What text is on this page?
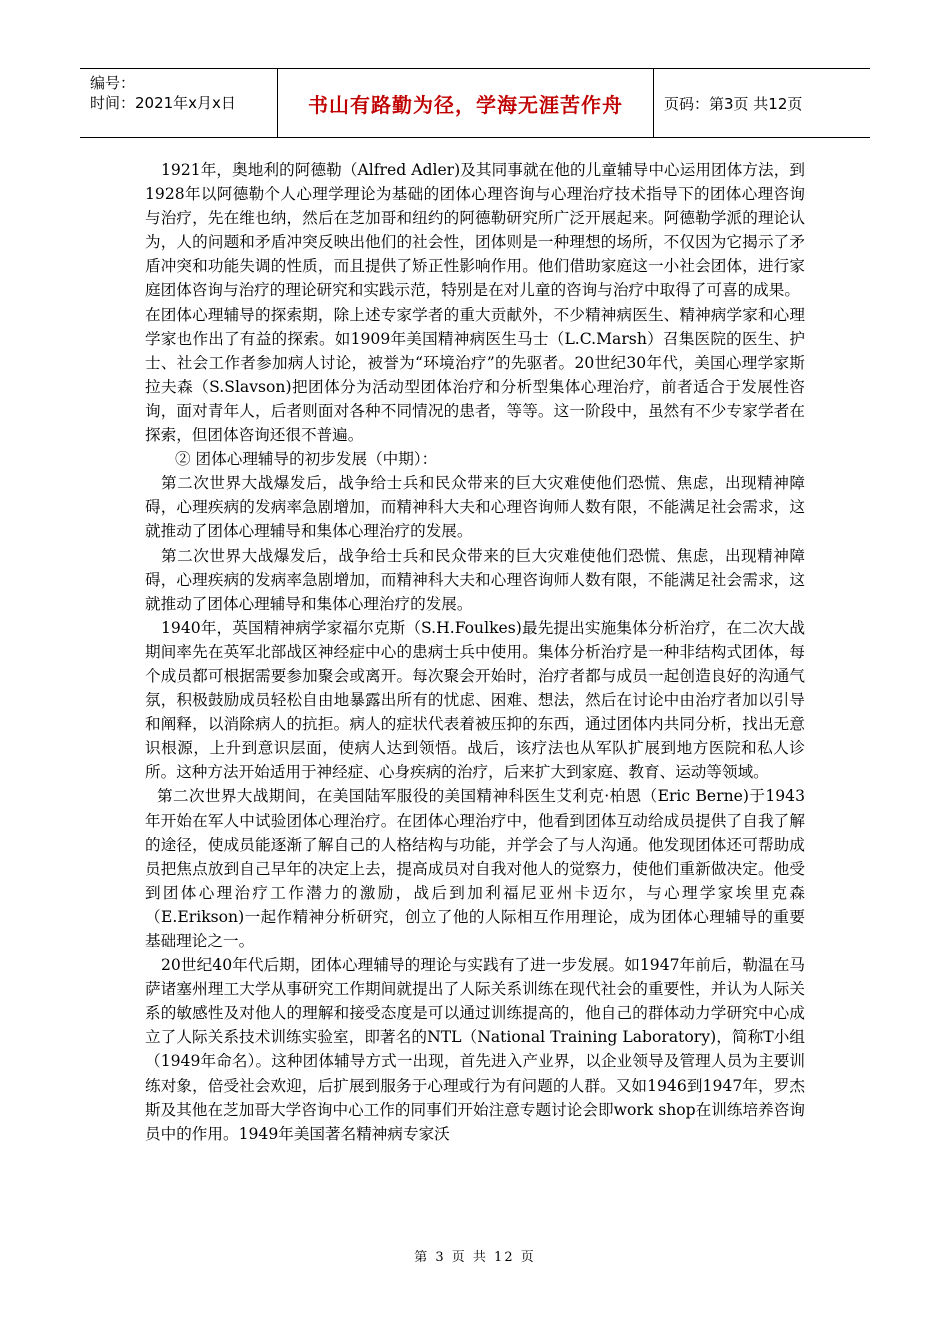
编号：
时间：2021年x月x日	书山有路勤为径，学海无涯苦作舟	页码：第3页 共12页

1921年，奥地利的阿德勒（Alfred Adler)及其同事就在他的儿童辅导中心运用团体方法，到1928年以阿德勒个人心理学理论为基础的团体心理咨询与心理治疗技术指导下的团体心理咨询与治疗，先在维也纳，然后在芝加哥和纽约的阿德勒研究所广泛开展起来。阿德勒学派的理论认为，人的问题和矛盾冲突反映出他们的社会性，团体则是一种理想的场所，不仅因为它揭示了矛盾冲突和功能失调的性质，而且提供了矫正性影响作用。他们借助家庭这一小社会团体，进行家庭团体咨询与治疗的理论研究和实践示范，特别是在对儿童的咨询与治疗中取得了可喜的成果。

在团体心理辅导的探索期，除上述专家学者的重大贡献外，不少精神病医生、精神病学家和心理学家也作出了有益的探索。如1909年美国精神病医生马士（L.C.Marsh）召集医院的医生、护士、社会工作者参加病人讨论，被誉为“环境治疗”的先驱者。20世纪30年代，美国心理学家斯拉夫森（S.Slavson)把团体分为活动型团体治疗和分析型集体心理治疗，前者适合于发展性咨询，面对青年人，后者则面对各种不同情况的患者，等等。这一阶段中，虽然有不少专家学者在探索，但团体咨询还很不普遍。

② 团体心理辅导的初步发展（中期）：

第二次世界大战爆发后，战争给士兵和民众带来的巨大灾难使他们恐慌、焦虑，出现精神障碍，心理疾病的发病率急剧增加，而精神科大夫和心理咨询师人数有限，不能满足社会需求，这就推动了团体心理辅导和集体心理治疗的发展。

第二次世界大战爆发后，战争给士兵和民众带来的巨大灾难使他们恐慌、焦虑，出现精神障碍，心理疾病的发病率急剧增加，而精神科大夫和心理咨询师人数有限，不能满足社会需求，这就推动了团体心理辅导和集体心理治疗的发展。

1940年，英国精神病学家福尔克斯（S.H.Foulkes)最先提出实施集体分析治疗，在二次大战期间率先在英军北部战区神经症中心的患病士兵中使用。集体分析治疗是一种非结构式团体，每个成员都可根据需要参加聚会或离开。每次聚会开始时，治疗者都与成员一起创造良好的沟通气氛，积极鼓励成员轻松自由地暴露出所有的忧虑、困难、想法，然后在讨论中由治疗者加以引导和阐释，以消除病人的抗拒。病人的症状代表着被压抑的东西，通过团体内共同分析，找出无意识根源，上升到意识层面，使病人达到领悟。战后，该疗法也从军队扩展到地方医院和私人诊所。这种方法开始适用于神经症、心身疾病的治疗，后来扩大到家庭、教育、运动等领域。

第二次世界大战期间，在美国陆军服役的美国精神科医生艾利克·柏恩（Eric Berne)于1943年开始在军人中试验团体心理治疗。在团体心理治疗中，他看到团体互动给成员提供了自我了解的途径，使成员能逐渐了解自己的人格结构与功能，并学会了与人沟通。他发现团体还可帮助成员把焦点放到自己早年的决定上去，提高成员对自我对他人的觉察力，使他们重新做决定。他受到团体心理治疗工作潜力的激励，战后到加利福尼亚州卡迈尔，与心理学家埃里克森（E.Erikson)一起作精神分析研究，创立了他的人际相互作用理论，成为团体心理辅导的重要基础理论之一。

20世纪40年代后期，团体心理辅导的理论与实践有了进一步发展。如1947年前后，勒温在马萨诸塞州理工大学从事研究工作期间就提出了人际关系训练在现代社会的重要性，并认为人际关系的敏感性及对他人的理解和接受态度是可以通过训练提高的，他自己的群体动力学研究中心成立了人际关系技术训练实验室，即著名的NTL（National Training Laboratory)，简称T小组（1949年命名）。这种团体辅导方式一出现，首先进入产业界，以企业领导及管理人员为主要训练对象，倍受社会欢迎，后扩展到服务于心理或行为有问题的人群。又如1946到1947年，罗杰斯及其他在芝加哥大学咨询中心工作的同事们开始注意专题讨论会即work shop在训练培养咨询员中的作用。1949年美国著名精神病专家沃

第 3 页 共 12 页
